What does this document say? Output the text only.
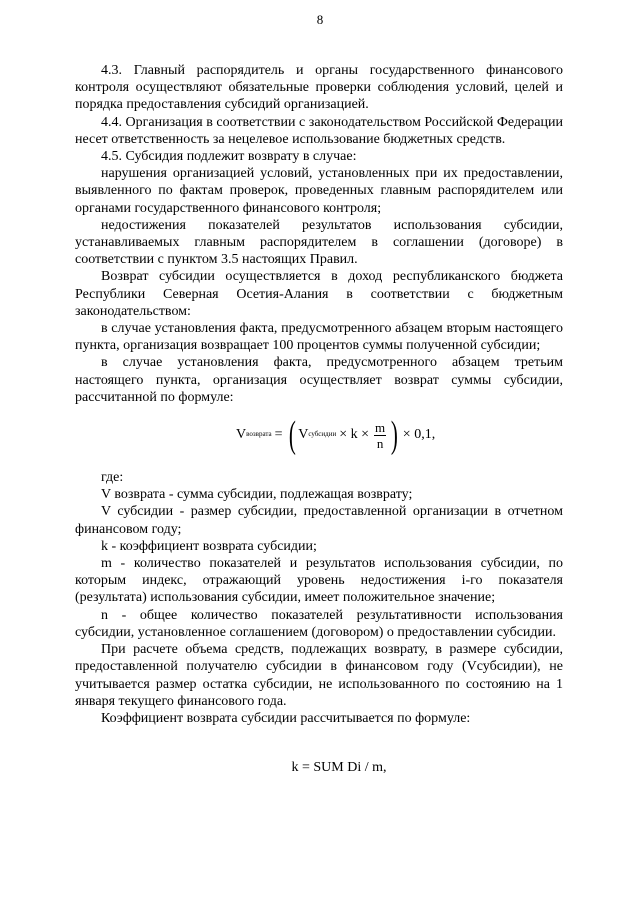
8

4.3. Главный распорядитель и органы государственного финансового контроля осуществляют обязательные проверки соблюдения условий, целей и порядка предоставления субсидий организацией.

4.4. Организация в соответствии с законодательством Российской Федерации несет ответственность за нецелевое использование бюджетных средств.

4.5. Субсидия подлежит возврату в случае:

нарушения организацией условий, установленных при их предоставлении, выявленного по фактам проверок, проведенных главным распорядителем или органами государственного финансового контроля;

недостижения показателей результатов использования субсидии, устанавливаемых главным распорядителем в соглашении (договоре) в соответствии с пунктом 3.5 настоящих Правил.

Возврат субсидии осуществляется в доход республиканского бюджета Республики Северная Осетия-Алания в соответствии с бюджетным законодательством:

в случае установления факта, предусмотренного абзацем вторым настоящего пункта, организация возвращает 100 процентов суммы полученной субсидии;

в случае установления факта, предусмотренного абзацем третьим настоящего пункта, организация осуществляет возврат суммы субсидии, рассчитанной по формуле:

V возврата = ( V субсидии × $k \times \frac{m}{n}$ ) × 0,1,

где:

V возврата - сумма субсидии, подлежащая возврату;

V субсидии - размер субсидии, предоставленной организации в отчетном финансовом году;

k - коэффициент возврата субсидии;

m - количество показателей и результатов использования субсидии, по которым индекс, отражающий уровень недостижения i-го показателя (результата) использования субсидии, имеет положительное значение;

n - общее количество показателей результативности использования субсидии, установленное соглашением (договором) о предоставлении субсидии.

При расчете объема средств, подлежащих возврату, в размере субсидии, предоставленной получателю субсидии в финансовом году (Vсубсидии), не учитывается размер остатка субсидии, не использованного по состоянию на 1 января текущего финансового года.

Коэффициент возврата субсидии рассчитывается по формуле:

k = SUM Di / m,
